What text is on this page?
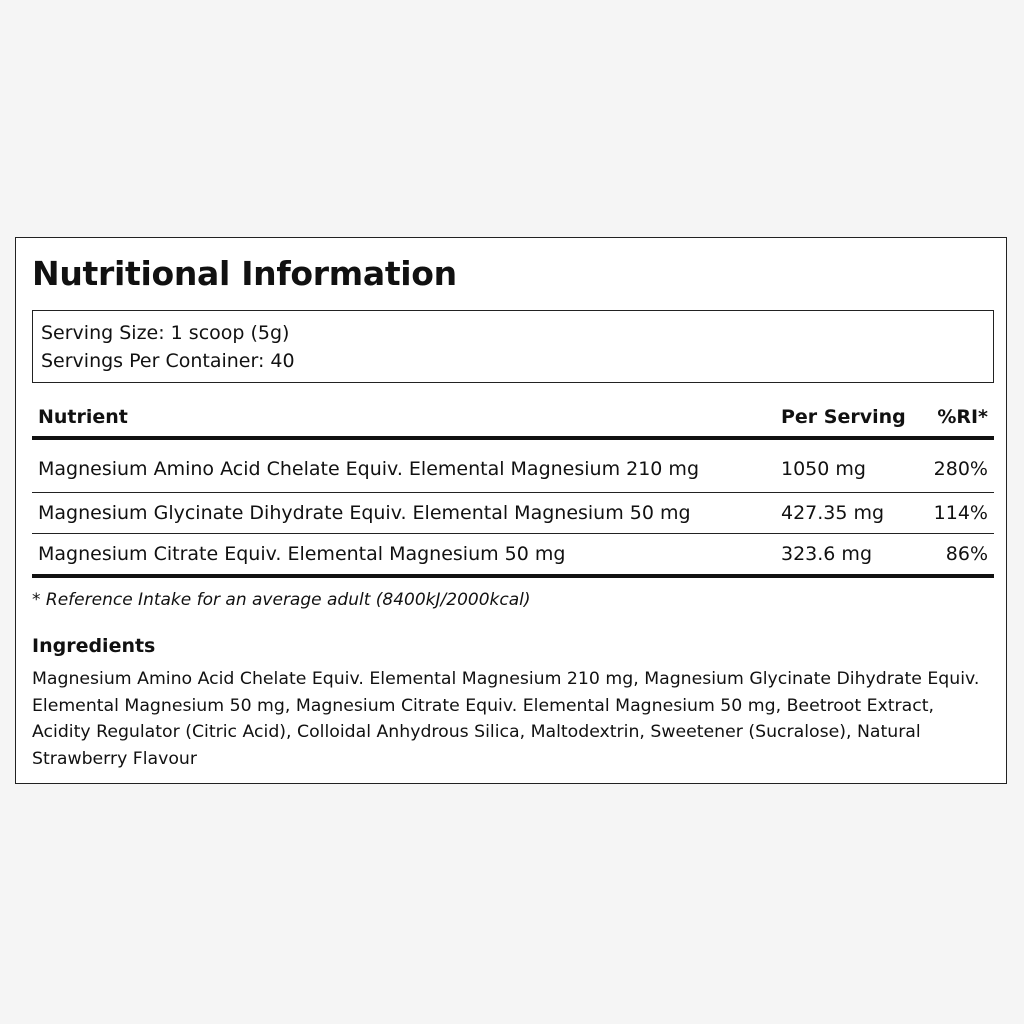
Nutritional Information
Serving Size: 1 scoop (5g)
Servings Per Container: 40
Nutrient	Per Serving	%RI*
Magnesium Amino Acid Chelate Equiv. Elemental Magnesium 210 mg	1050 mg	280%
Magnesium Glycinate Dihydrate Equiv. Elemental Magnesium 50 mg	427.35 mg	114%
Magnesium Citrate Equiv. Elemental Magnesium 50 mg	323.6 mg	86%
* Reference Intake for an average adult (8400kJ/2000kcal)
Ingredients

Magnesium Amino Acid Chelate Equiv. Elemental Magnesium 210 mg, Magnesium Glycinate Dihydrate Equiv. Elemental Magnesium 50 mg, Magnesium Citrate Equiv. Elemental Magnesium 50 mg, Beetroot Extract, Acidity Regulator (Citric Acid), Colloidal Anhydrous Silica, Maltodextrin, Sweetener (Sucralose), Natural Strawberry Flavour
